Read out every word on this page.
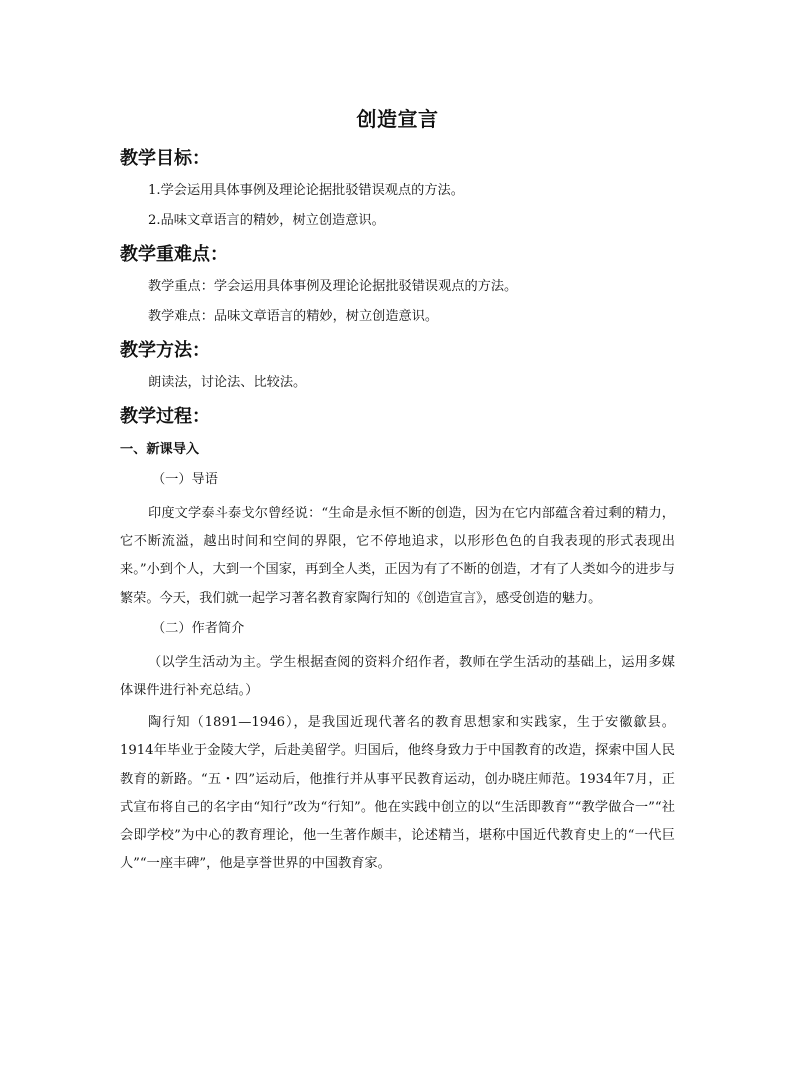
创造宣言
教学目标：
1.学会运用具体事例及理论论据批驳错误观点的方法。
2.品味文章语言的精妙，树立创造意识。
教学重难点：
教学重点：学会运用具体事例及理论论据批驳错误观点的方法。
教学难点：品味文章语言的精妙，树立创造意识。
教学方法：
朗读法，讨论法、比较法。
教学过程：
一、新课导入
（一）导语
印度文学泰斗泰戈尔曾经说：“生命是永恒不断的创造，因为在它内部蕴含着过剩的精力，它不断流溢，越出时间和空间的界限，它不停地追求，以形形色色的自我表现的形式表现出来。”小到个人，大到一个国家，再到全人类，正因为有了不断的创造，才有了人类如今的进步与繁荣。今天，我们就一起学习著名教育家陶行知的《创造宣言》，感受创造的魅力。
（二）作者简介
（以学生活动为主。学生根据查阅的资料介绍作者，教师在学生活动的基础上，运用多媒体课件进行补充总结。）
陶行知（1891—1946），是我国近现代著名的教育思想家和实践家，生于安徽歙县。1914年毕业于金陵大学，后赴美留学。归国后，他终身致力于中国教育的改造，探索中国人民教育的新路。“五・四”运动后，他推行并从事平民教育运动，创办晓庄师范。1934年7月，正式宣布将自己的名字由“知行”改为“行知”。他在实践中创立的以“生活即教育”“教学做合一”“社会即学校”为中心的教育理论，他一生著作颇丰，论述精当，堪称中国近代教育史上的“一代巨人”“一座丰碑”，他是享誉世界的中国教育家。
